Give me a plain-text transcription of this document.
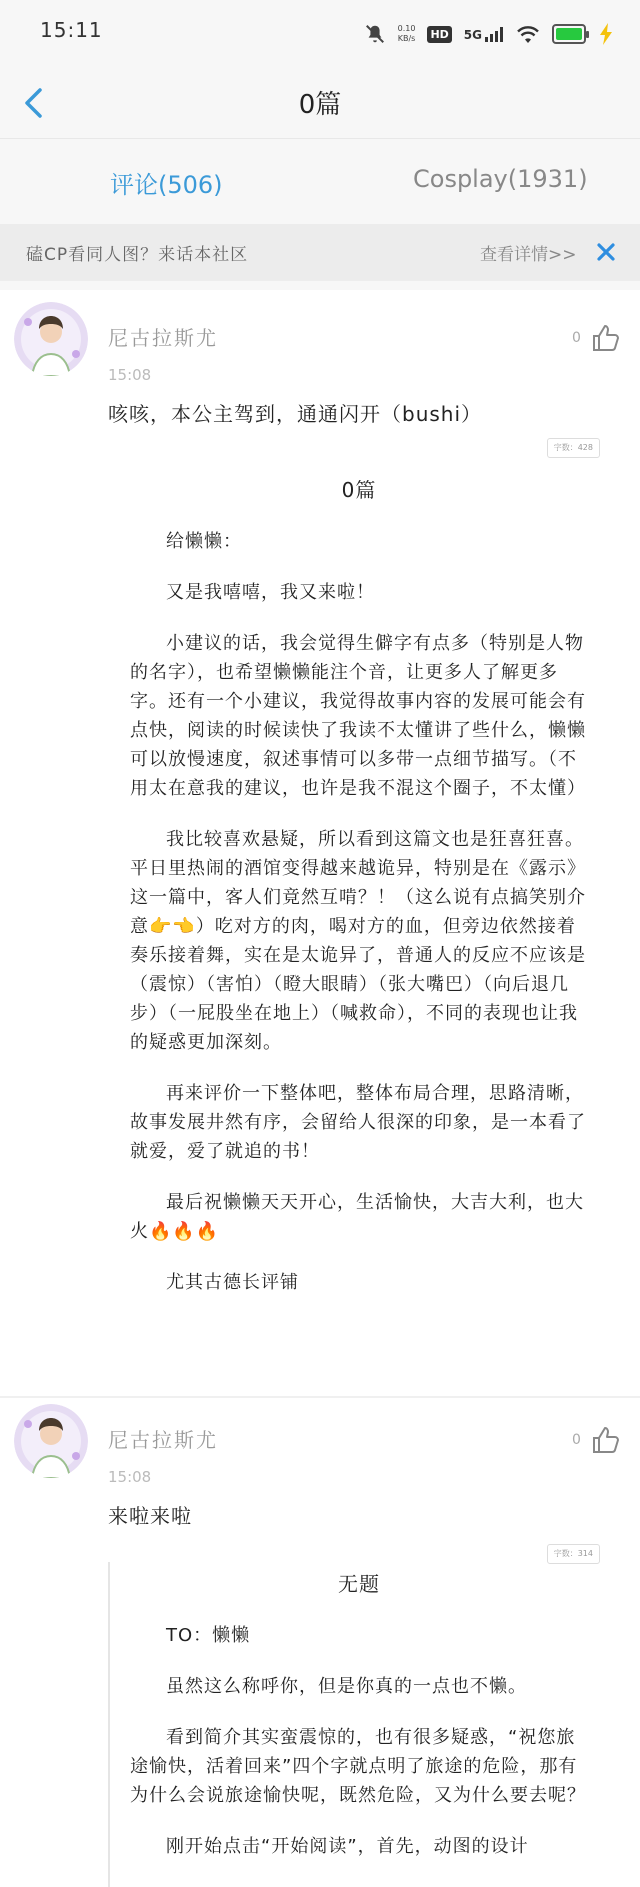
15:11	0.10
KB/s HD 5G
0篇
评论(506)	Cosplay(1931)
磕CP看同人图？来话本社区	查看详情>>
尼古拉斯尤
15:08
0
咳咳，本公主驾到，通通闪开（bushi）
字数：428
0篇

给懒懒：

又是我嘻嘻，我又来啦！

小建议的话，我会觉得生僻字有点多（特别是人物的名字），也希望懒懒能注个音，让更多人了解更多字。还有一个小建议，我觉得故事内容的发展可能会有点快，阅读的时候读快了我读不太懂讲了些什么，懒懒可以放慢速度，叙述事情可以多带一点细节描写。（不用太在意我的建议，也许是我不混这个圈子，不太懂）

我比较喜欢悬疑，所以看到这篇文也是狂喜狂喜。平日里热闹的酒馆变得越来越诡异，特别是在《露示》这一篇中，客人们竟然互啃？！（这么说有点搞笑别介意👉👈）吃对方的肉，喝对方的血，但旁边依然接着奏乐接着舞，实在是太诡异了，普通人的反应不应该是（震惊）（害怕）（瞪大眼睛）（张大嘴巴）（向后退几步）（一屁股坐在地上）（喊救命），不同的表现也让我的疑惑更加深刻。

再来评价一下整体吧，整体布局合理，思路清晰，故事发展井然有序，会留给人很深的印象，是一本看了就爱，爱了就追的书！

最后祝懒懒天天开心，生活愉快，大吉大利，也大火🔥🔥🔥

尤其古德长评铺

尼古拉斯尤
15:08
0
来啦来啦
字数：314
无题

TO：懒懒

虽然这么称呼你，但是你真的一点也不懒。

看到简介其实蛮震惊的，也有很多疑惑，“祝您旅途愉快，活着回来”四个字就点明了旅途的危险，那有为什么会说旅途愉快呢，既然危险，又为什么要去呢？

刚开始点击“开始阅读”，首先，动图的设计
